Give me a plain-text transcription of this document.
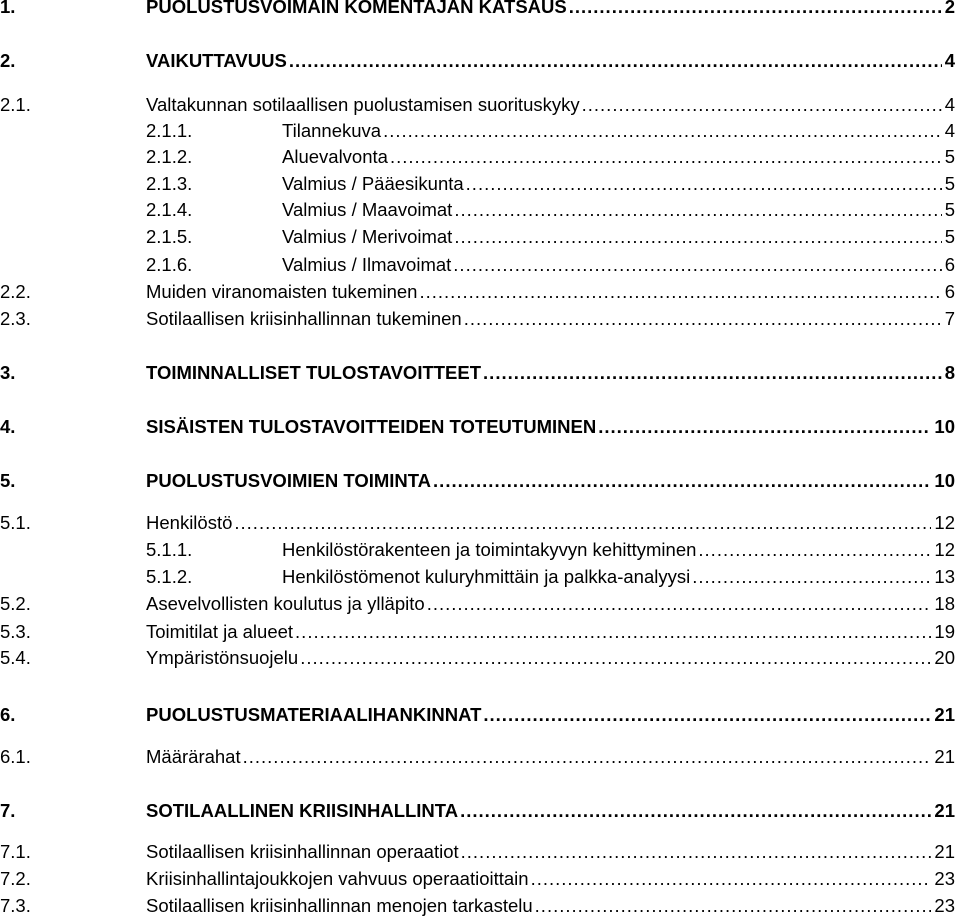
1.	PUOLUSTUSVOIMAIN KOMENTAJAN KATSAUS .....	2
2.	VAIKUTTAVUUS .....	4
2.1.	Valtakunnan sotilaallisen puolustamisen suorituskyky .....	4
2.1.1.	Tilannekuva .....	4
2.1.2.	Aluevalvonta .....	5
2.1.3.	Valmius / Pääesikunta .....	5
2.1.4.	Valmius / Maavoimat .....	5
2.1.5.	Valmius / Merivoimat .....	5
2.1.6.	Valmius / Ilmavoimat .....	6
2.2.	Muiden viranomaisten tukeminen .....	6
2.3.	Sotilaallisen kriisinhallinnan tukeminen .....	7
3.	TOIMINNALLISET TULOSTAVOITTEET .....	8
4.	SISÄISTEN TULOSTAVOITTEIDEN TOTEUTUMINEN .....	10
5.	PUOLUSTUSVOIMIEN TOIMINTA .....	10
5.1.	Henkilöstö .....	12
5.1.1.	Henkilöstörakenteen ja toimintakyvyn kehittyminen .....	12
5.1.2.	Henkilöstömenot kuluryhmittäin ja palkka-analyysi .....	13
5.2.	Asevelvollisten koulutus ja ylläpito .....	18
5.3.	Toimitilat ja alueet .....	19
5.4.	Ympäristönsuojelu .....	20
6.	PUOLUSTUSMATERIAALIHANKINNAT .....	21
6.1.	Määrärahat .....	21
7.	SOTILAALLINEN KRIISINHALLINTA .....	21
7.1.	Sotilaallisen kriisinhallinnan operaatiot .....	21
7.2.	Kriisinhallintajoukkojen vahvuus operaatioittain .....	23
7.3.	Sotilaallisen kriisinhallinnan menojen tarkastelu .....	23
